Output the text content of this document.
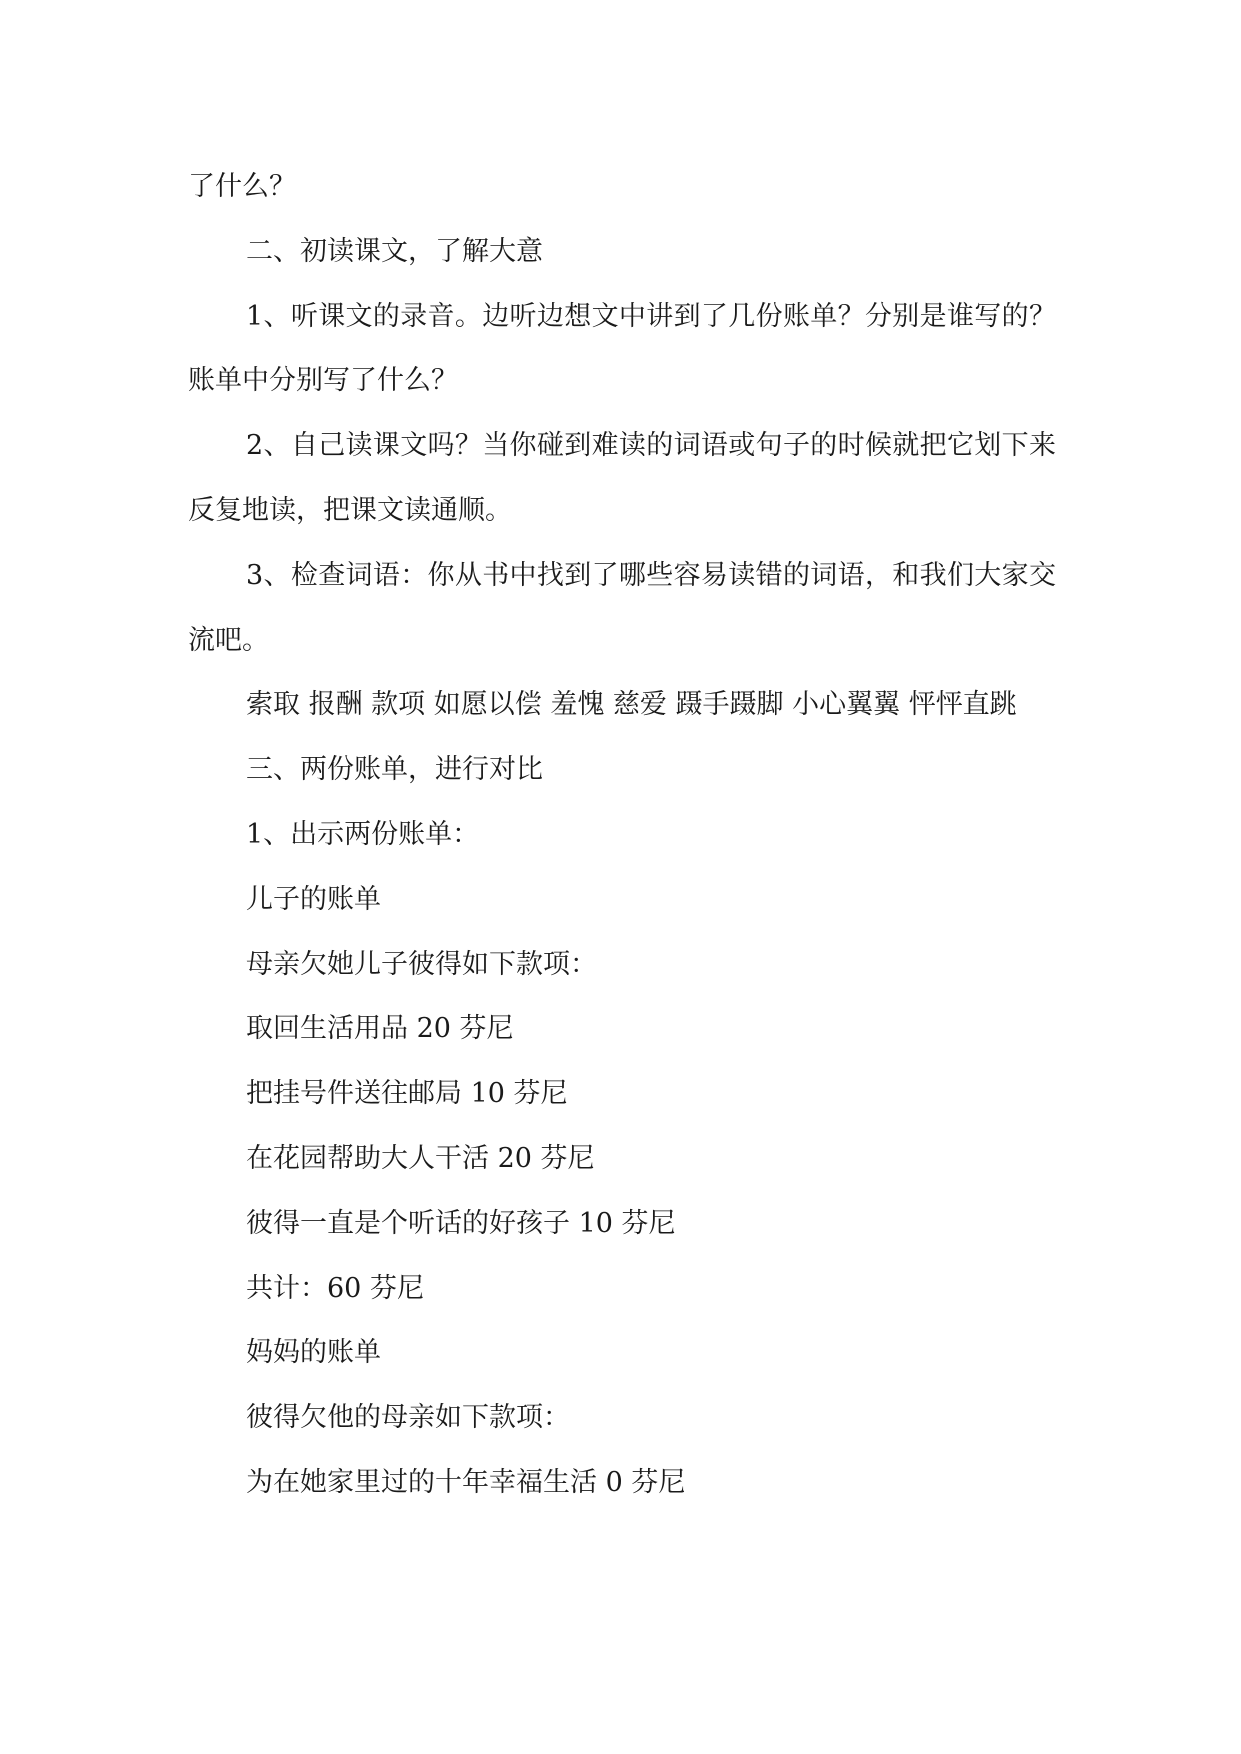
了什么？

二、初读课文，了解大意

1、听课文的录音。边听边想文中讲到了几份账单？分别是谁写的？账单中分别写了什么？

2、自己读课文吗？当你碰到难读的词语或句子的时候就把它划下来反复地读，把课文读通顺。

3、检查词语：你从书中找到了哪些容易读错的词语，和我们大家交流吧。

索取 报酬 款项 如愿以偿 羞愧 慈爱 蹑手蹑脚 小心翼翼 怦怦直跳

三、两份账单，进行对比

1、出示两份账单：

儿子的账单

母亲欠她儿子彼得如下款项：

取回生活用品 20 芬尼

把挂号件送往邮局 10 芬尼

在花园帮助大人干活 20 芬尼

彼得一直是个听话的好孩子 10 芬尼

共计：60 芬尼

妈妈的账单

彼得欠他的母亲如下款项：

为在她家里过的十年幸福生活 0 芬尼
